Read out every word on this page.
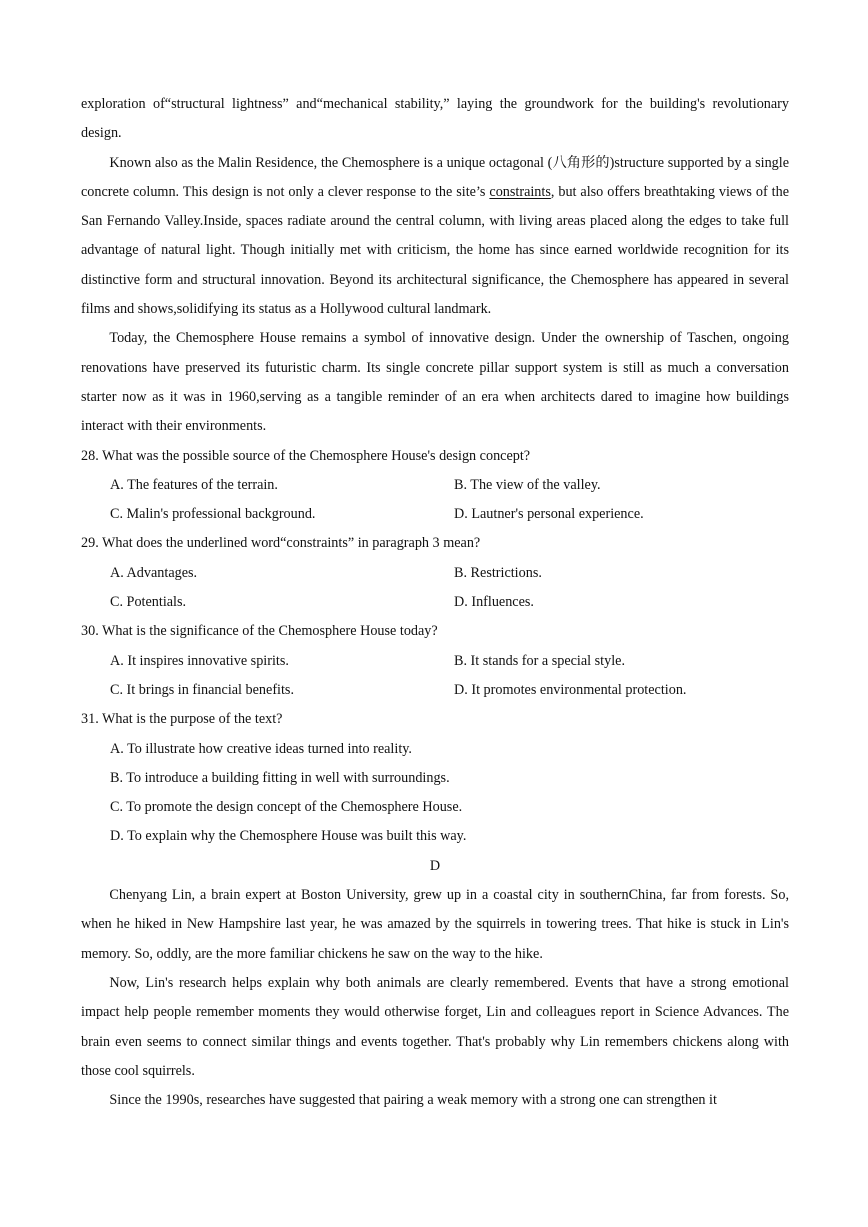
exploration of“structural lightness” and“mechanical stability,” laying the groundwork for the building's revolutionary design.

Known also as the Malin Residence, the Chemosphere is a unique octagonal (八角形的)structure supported by a single concrete column. This design is not only a clever response to the site’s constraints, but also offers breathtaking views of the San Fernando Valley.Inside, spaces radiate around the central column, with living areas placed along the edges to take full advantage of natural light. Though initially met with criticism, the home has since earned worldwide recognition for its distinctive form and structural innovation. Beyond its architectural significance, the Chemosphere has appeared in several films and shows,solidifying its status as a Hollywood cultural landmark.

Today, the Chemosphere House remains a symbol of innovative design. Under the ownership of Taschen, ongoing renovations have preserved its futuristic charm. Its single concrete pillar support system is still as much a conversation starter now as it was in 1960,serving as a tangible reminder of an era when architects dared to imagine how buildings interact with their environments.

28. What was the possible source of the Chemosphere House's design concept?

A. The features of the terrain.	B. The view of the valley.
C. Malin's professional background.	D. Lautner's personal experience.

29. What does the underlined word“constraints” in paragraph 3 mean?

A. Advantages.	B. Restrictions.
C. Potentials.	D. Influences.

30. What is the significance of the Chemosphere House today?

A. It inspires innovative spirits.	B. It stands for a special style.
C. It brings in financial benefits.	D. It promotes environmental protection.

31. What is the purpose of the text?

A. To illustrate how creative ideas turned into reality.
B. To introduce a building fitting in well with surroundings.
C. To promote the design concept of the Chemosphere House.
D. To explain why the Chemosphere House was built this way.

D

Chenyang Lin, a brain expert at Boston University, grew up in a coastal city in southernChina, far from forests. So, when he hiked in New Hampshire last year, he was amazed by the squirrels in towering trees. That hike is stuck in Lin's memory. So, oddly, are the more familiar chickens he saw on the way to the hike.

Now, Lin's research helps explain why both animals are clearly remembered. Events that have a strong emotional impact help people remember moments they would otherwise forget, Lin and colleagues report in Science Advances. The brain even seems to connect similar things and events together. That's probably why Lin remembers chickens along with those cool squirrels.

Since the 1990s, researches have suggested that pairing a weak memory with a strong one can strengthen it
